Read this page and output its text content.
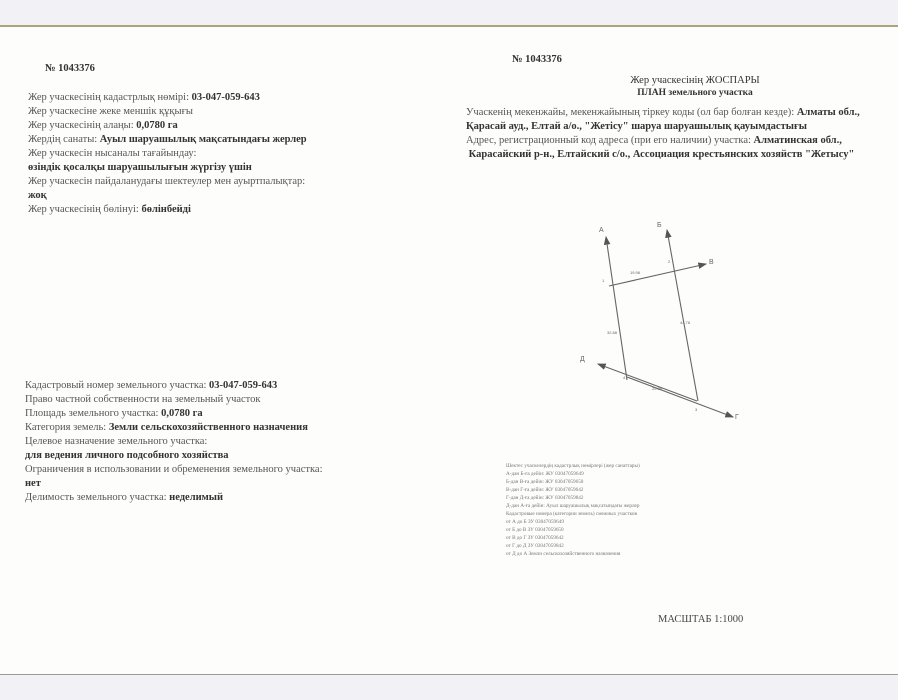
№ 1043376
№ 1043376
Жер учаскесінің кадастрлық нөмірі: 03-047-059-643
Жер учаскесіне жеке меншік құқығы
Жер учаскесінің алаңы: 0,0780 га
Жердің санаты: Ауыл шаруашылық мақсатындағы жерлер
Жер учаскесін нысаналы тағайындау:
өзіндік қосалқы шаруашылығын жүргізу үшін
Жер учаскесін пайдаланудағы шектеулер мен ауыртпалықтар:
жоқ
Жер учаскесінің бөлінуі: бөлінбейді
Кадастровый номер земельного участка: 03-047-059-643
Право частной собственности на земельный участок
Площадь земельного участка: 0,0780 га
Категория земель: Земли сельскохозяйственного назначения
Целевое назначение земельного участка:
для ведения личного подсобного хозяйства
Ограничения в использовании и обременения земельного участка:
нет
Делимость земельного участка: неделимый
Жер учаскесінің ЖОСПАРЫ
ПЛАН земельного участка
Учаскенің мекенжайы, мекенжайының тіркеу коды (ол бар болған кезде): Алматы обл.,
Қарасай ауд., Елтай а/о., "Жетісу" шаруа шаруашылық қауымдастығы
Адрес, регистрационный код адреса (при его наличии) участка: Алматинская обл.,
Карасайский р-н., Елтайский с/о., Ассоциация крестьянских хозяйств "Жетысу"
А
Б
В
Д
Г
1
2
3
4
19.98
32.88
44.78
25.38
Шектес учаскелердің кадастрлық нөмірлері (жер санаттары)
А-дан Б-ға дейін: ЖУ 03047059649
Б-дан В-ға дейін: ЖУ 03047059650
В-дан Г-ға дейін: ЖУ 03047059642
Г-дан Д-ға дейін: ЖУ 03047059842
Д-дан А-ға дейін: Ауыл шаруашылық мақсатындағы жерлер
Кадастровые номера (категории земель) смежных участков
от А до Б ЗУ 03047059649
от Б до В ЗУ 03047059650
от В до Г ЗУ 03047059642
от Г до Д ЗУ 03047059842
от Д до А Земли сельскохозяйственного назначения
МАСШТАБ 1:1000
